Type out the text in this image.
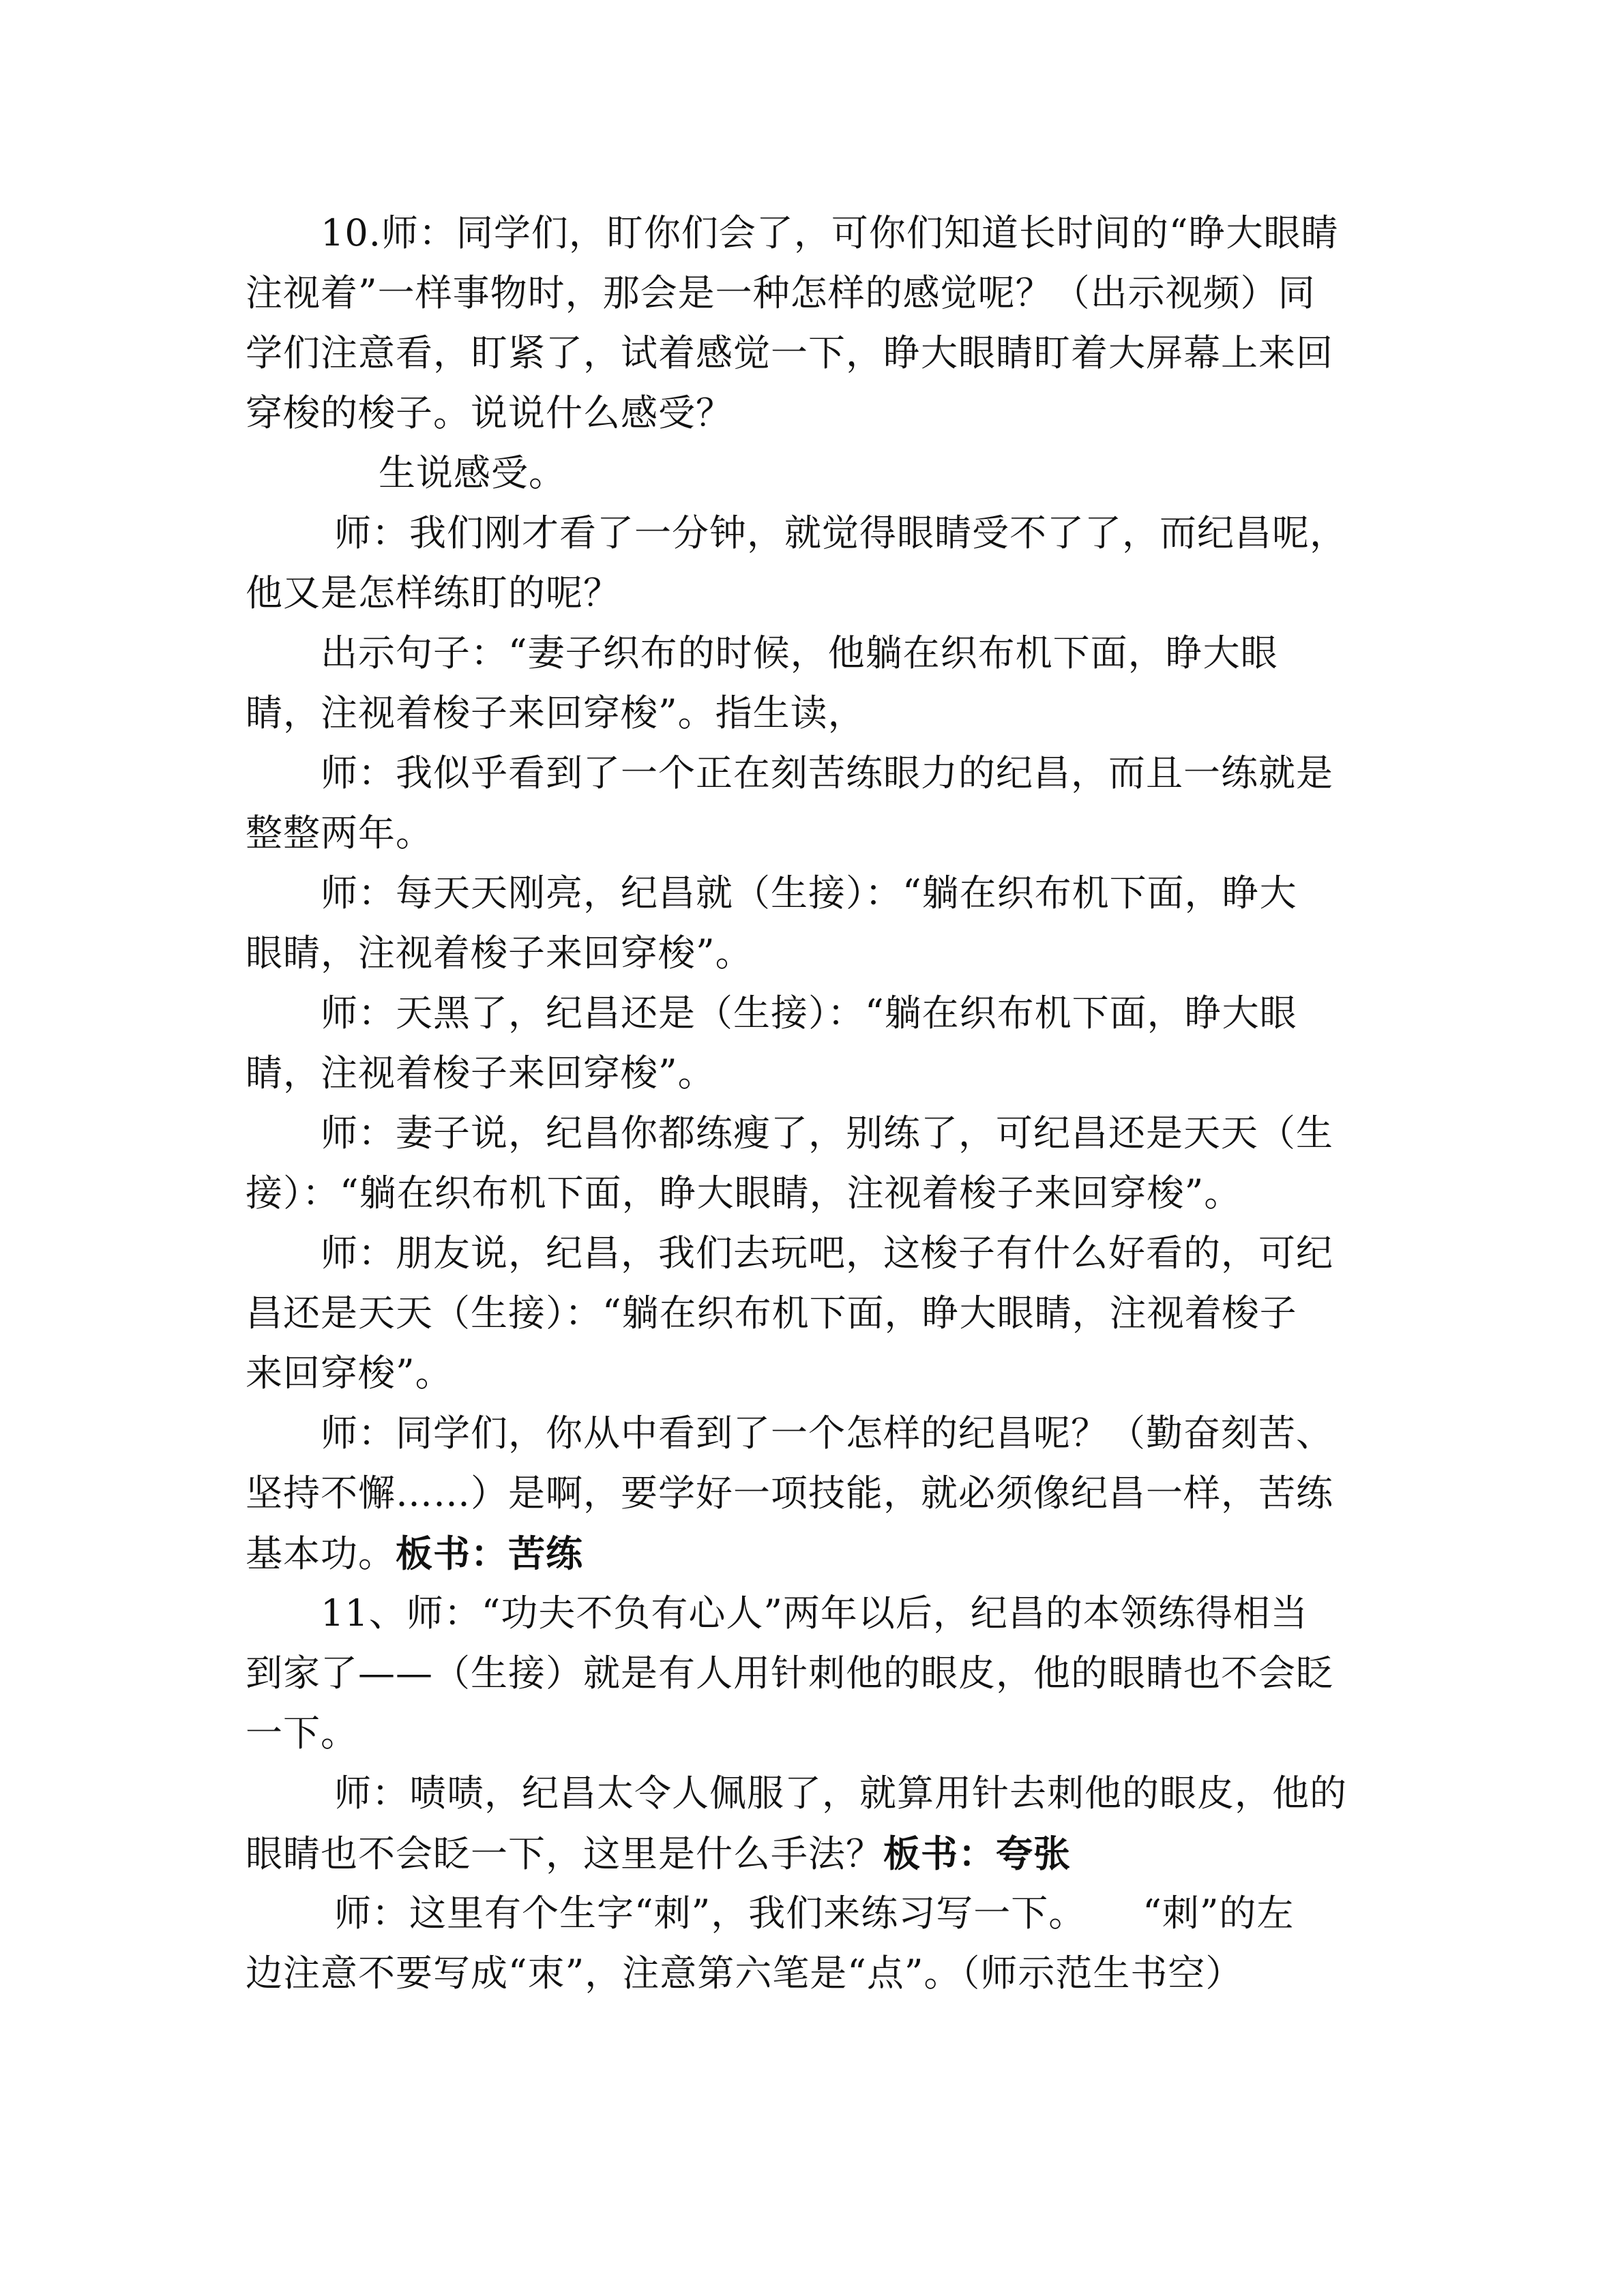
10.师：同学们，盯你们会了，可你们知道长时间的“睁大眼睛

注视着”一样事物时，那会是一种怎样的感觉呢？（出示视频）同

学们注意看，盯紧了，试着感觉一下，睁大眼睛盯着大屏幕上来回

穿梭的梭子。说说什么感受？

生说感受。

师：我们刚才看了一分钟，就觉得眼睛受不了了，而纪昌呢，

他又是怎样练盯的呢？

出示句子：“妻子织布的时候，他躺在织布机下面，睁大眼

睛，注视着梭子来回穿梭”。指生读，

师：我似乎看到了一个正在刻苦练眼力的纪昌，而且一练就是

整整两年。

师：每天天刚亮，纪昌就（生接）：“躺在织布机下面，睁大

眼睛，注视着梭子来回穿梭”。

师：天黑了，纪昌还是（生接）：“躺在织布机下面，睁大眼

睛，注视着梭子来回穿梭”。

师：妻子说，纪昌你都练瘦了，别练了，可纪昌还是天天（生

接）：“躺在织布机下面，睁大眼睛，注视着梭子来回穿梭”。

师：朋友说，纪昌，我们去玩吧，这梭子有什么好看的，可纪

昌还是天天（生接）：“躺在织布机下面，睁大眼睛，注视着梭子

来回穿梭”。

师：同学们，你从中看到了一个怎样的纪昌呢？（勤奋刻苦、

坚持不懈……）是啊，要学好一项技能，就必须像纪昌一样，苦练

基本功。板书：苦练

11、师：“功夫不负有心人”两年以后，纪昌的本领练得相当

到家了——（生接）就是有人用针刺他的眼皮，他的眼睛也不会眨

一下。

师：啧啧，纪昌太令人佩服了，就算用针去刺他的眼皮，他的

眼睛也不会眨一下，这里是什么手法？板书：夸张

师：这里有个生字“刺”，我们来练习写一下。　　“刺”的左

边注意不要写成“朿”，注意第六笔是“点”。（师示范生书空）
